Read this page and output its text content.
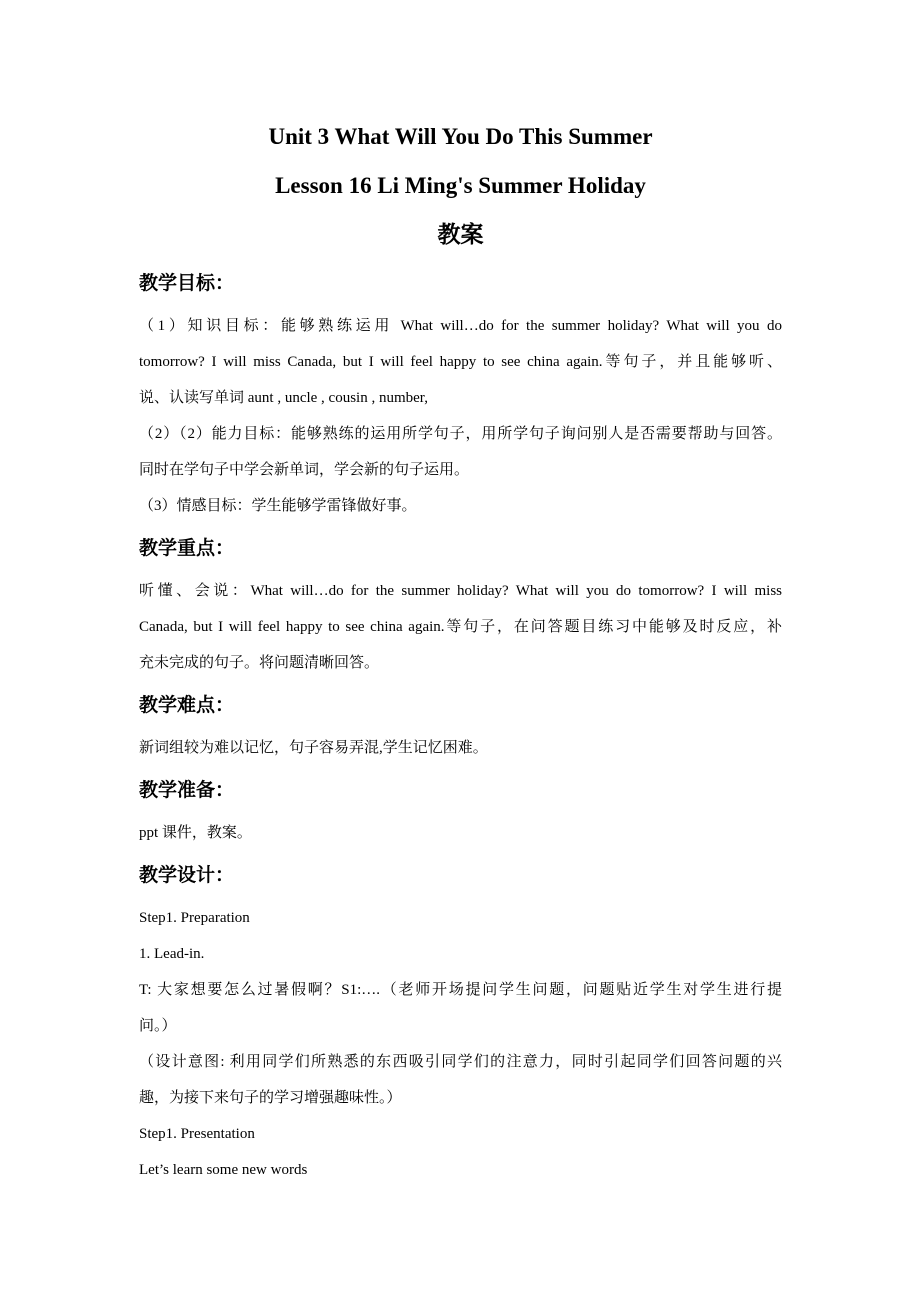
Unit 3 What Will You Do This Summer
Lesson 16 Li Ming's Summer Holiday
教案
教学目标：
（1）知识目标：能够熟练运用 What will…do for the summer holiday? What will you do
tomorrow? I will miss Canada, but I will feel happy to see china again.等句子，并且能够听、
说、认读写单词 aunt , uncle , cousin , number,
（2）（2）能力目标：能够熟练的运用所学句子，用所学句子询问别人是否需要帮助与回答。
同时在学句子中学会新单词，学会新的句子运用。
（3）情感目标：学生能够学雷锋做好事。
教学重点：
听懂、会说：What will…do for the summer holiday? What will you do tomorrow? I will miss
Canada, but I will feel happy to see china again.等句子，在问答题目练习中能够及时反应，补
充未完成的句子。将问题清晰回答。
教学难点：
新词组较为难以记忆，句子容易弄混,学生记忆困难。
教学准备：
ppt 课件，教案。
教学设计：
Step1. Preparation
1. Lead-in.
T: 大家想要怎么过暑假啊？S1:….（老师开场提问学生问题，问题贴近学生对学生进行提
问。）
（设计意图: 利用同学们所熟悉的东西吸引同学们的注意力，同时引起同学们回答问题的兴
趣，为接下来句子的学习增强趣味性。）
Step1. Presentation
Let’s learn some new words
